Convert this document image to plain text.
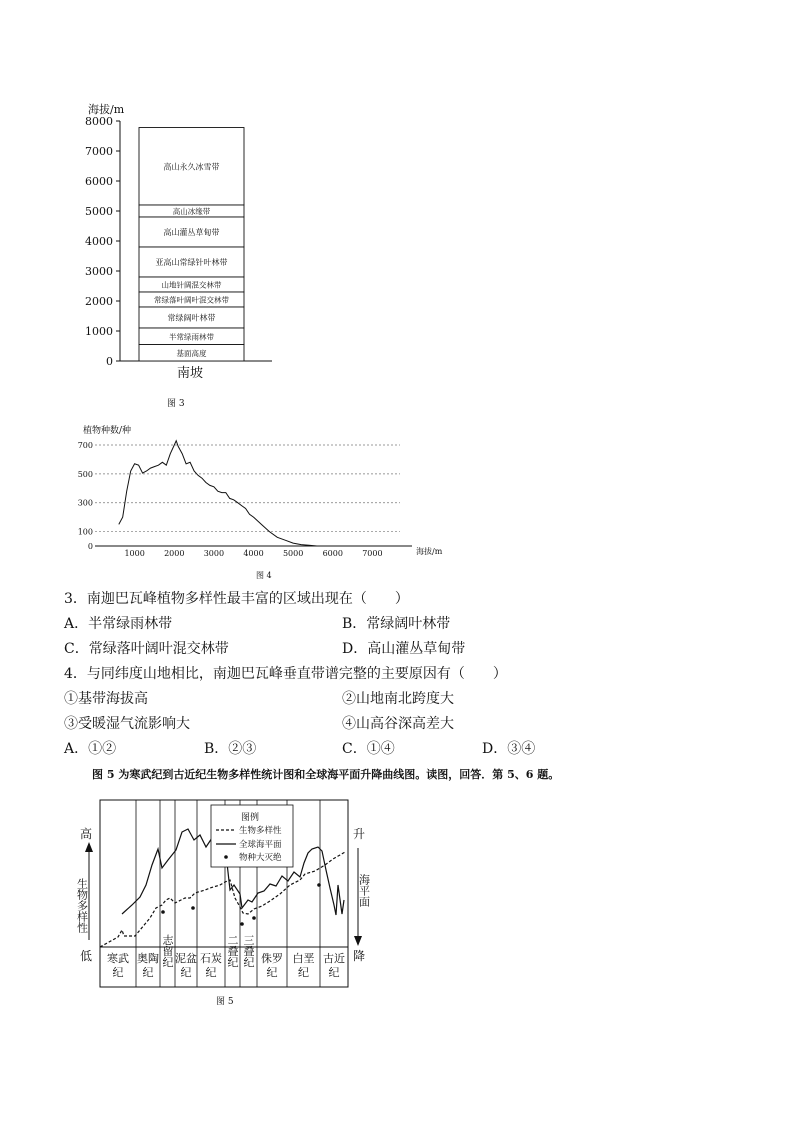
海拔/m
8000
7000
6000
5000
4000
3000
2000
1000
0
高山永久冰雪带
高山冰缘带
高山灌丛草甸带
亚高山常绿针叶林带
山地针阔混交林带
常绿落叶阔叶混交林带
常绿阔叶林带
半常绿雨林带
基面高度
南坡
图 3
植物种数/种
700
500
300
100
0
1000 2000 3000 4000 5000 6000 7000	海拔/m
图 4
3．南迦巴瓦峰植物多样性最丰富的区域出现在（　　）
A．半常绿雨林带	B．常绿阔叶林带
C．常绿落叶阔叶混交林带	D．高山灌丛草甸带
4．与同纬度山地相比，南迦巴瓦峰垂直带谱完整的主要原因有（　　）
①基带海拔高	②山地南北跨度大
③受暖湿气流影响大	④山高谷深高差大
A．①②	B．②③	C．①④	D．③④
图 5 为寒武纪到古近纪生物多样性统计图和全球海平面升降曲线图。读图，回答．第 5、6 题。
高
低
生物多样性
升
降
海平面
寒武纪
奥陶纪
志留纪 泥盆纪
石炭纪
二叠纪 三叠纪 侏罗纪
白垩纪
古近纪
图例
生物多样性
全球海平面
物种大灭绝
图 5
